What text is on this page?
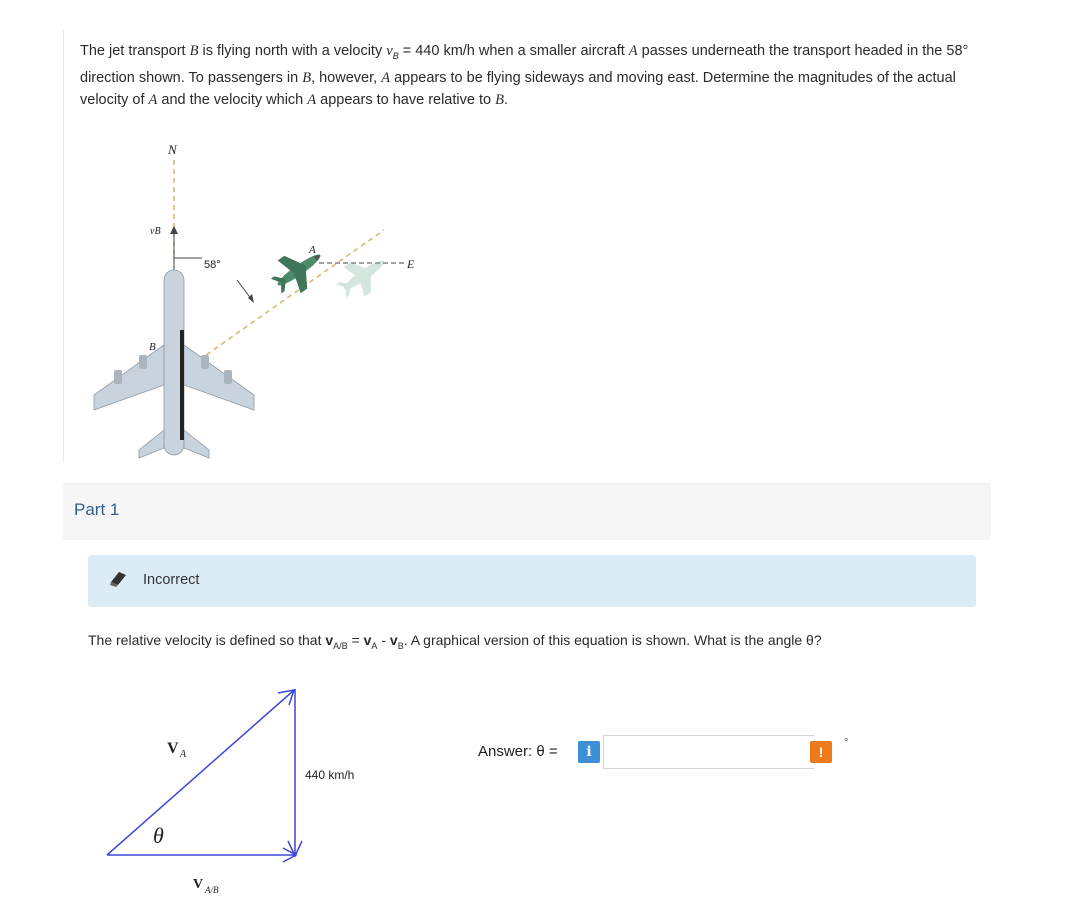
The jet transport B is flying north with a velocity $v_B = 440$ km/h when a smaller aircraft A passes underneath the transport headed in the 58° direction shown. To passengers in B, however, A appears to be flying sideways and moving east. Determine the magnitudes of the actual velocity of A and the velocity which A appears to have relative to B.
N
vB
58°	E
A
B
Part 1
Incorrect
The relative velocity is defined so that $v_{A/B} = v_A - v_B$. A graphical version of this equation is shown. What is the angle θ?
V A
θ
V A/B
440 km/h
Answer: θ =	i	!
°
